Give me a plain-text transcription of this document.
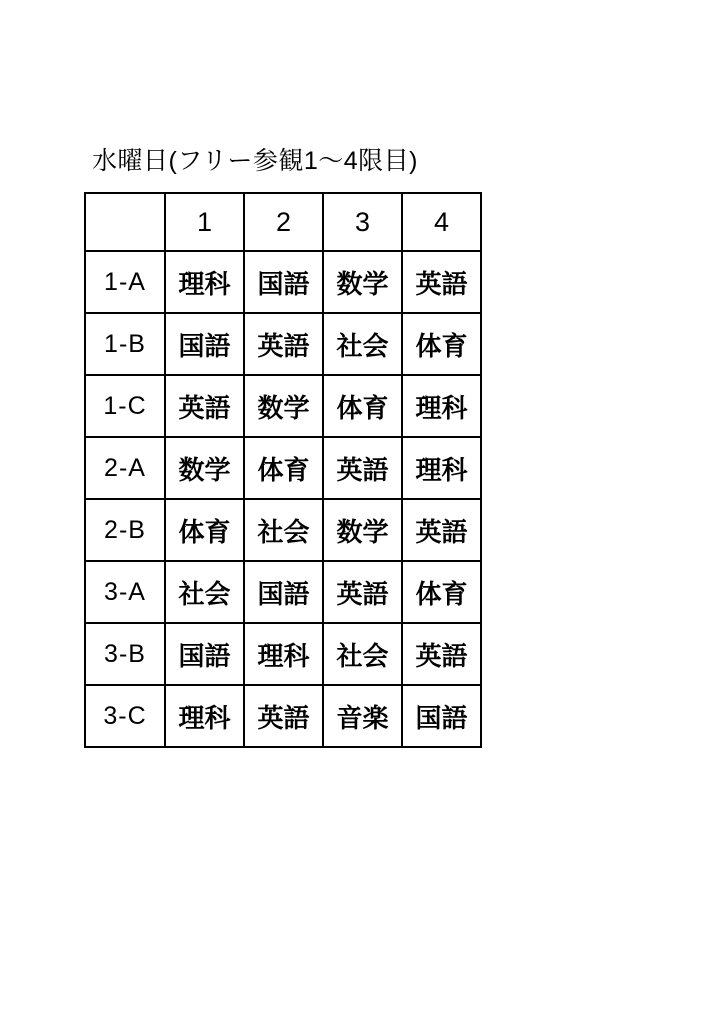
水曜日(フリー参観1～4限目)
	1	2	3	4
1-A	理科	国語	数学	英語
1-B	国語	英語	社会	体育
1-C	英語	数学	体育	理科
2-A	数学	体育	英語	理科
2-B	体育	社会	数学	英語
3-A	社会	国語	英語	体育
3-B	国語	理科	社会	英語
3-C	理科	英語	音楽	国語
